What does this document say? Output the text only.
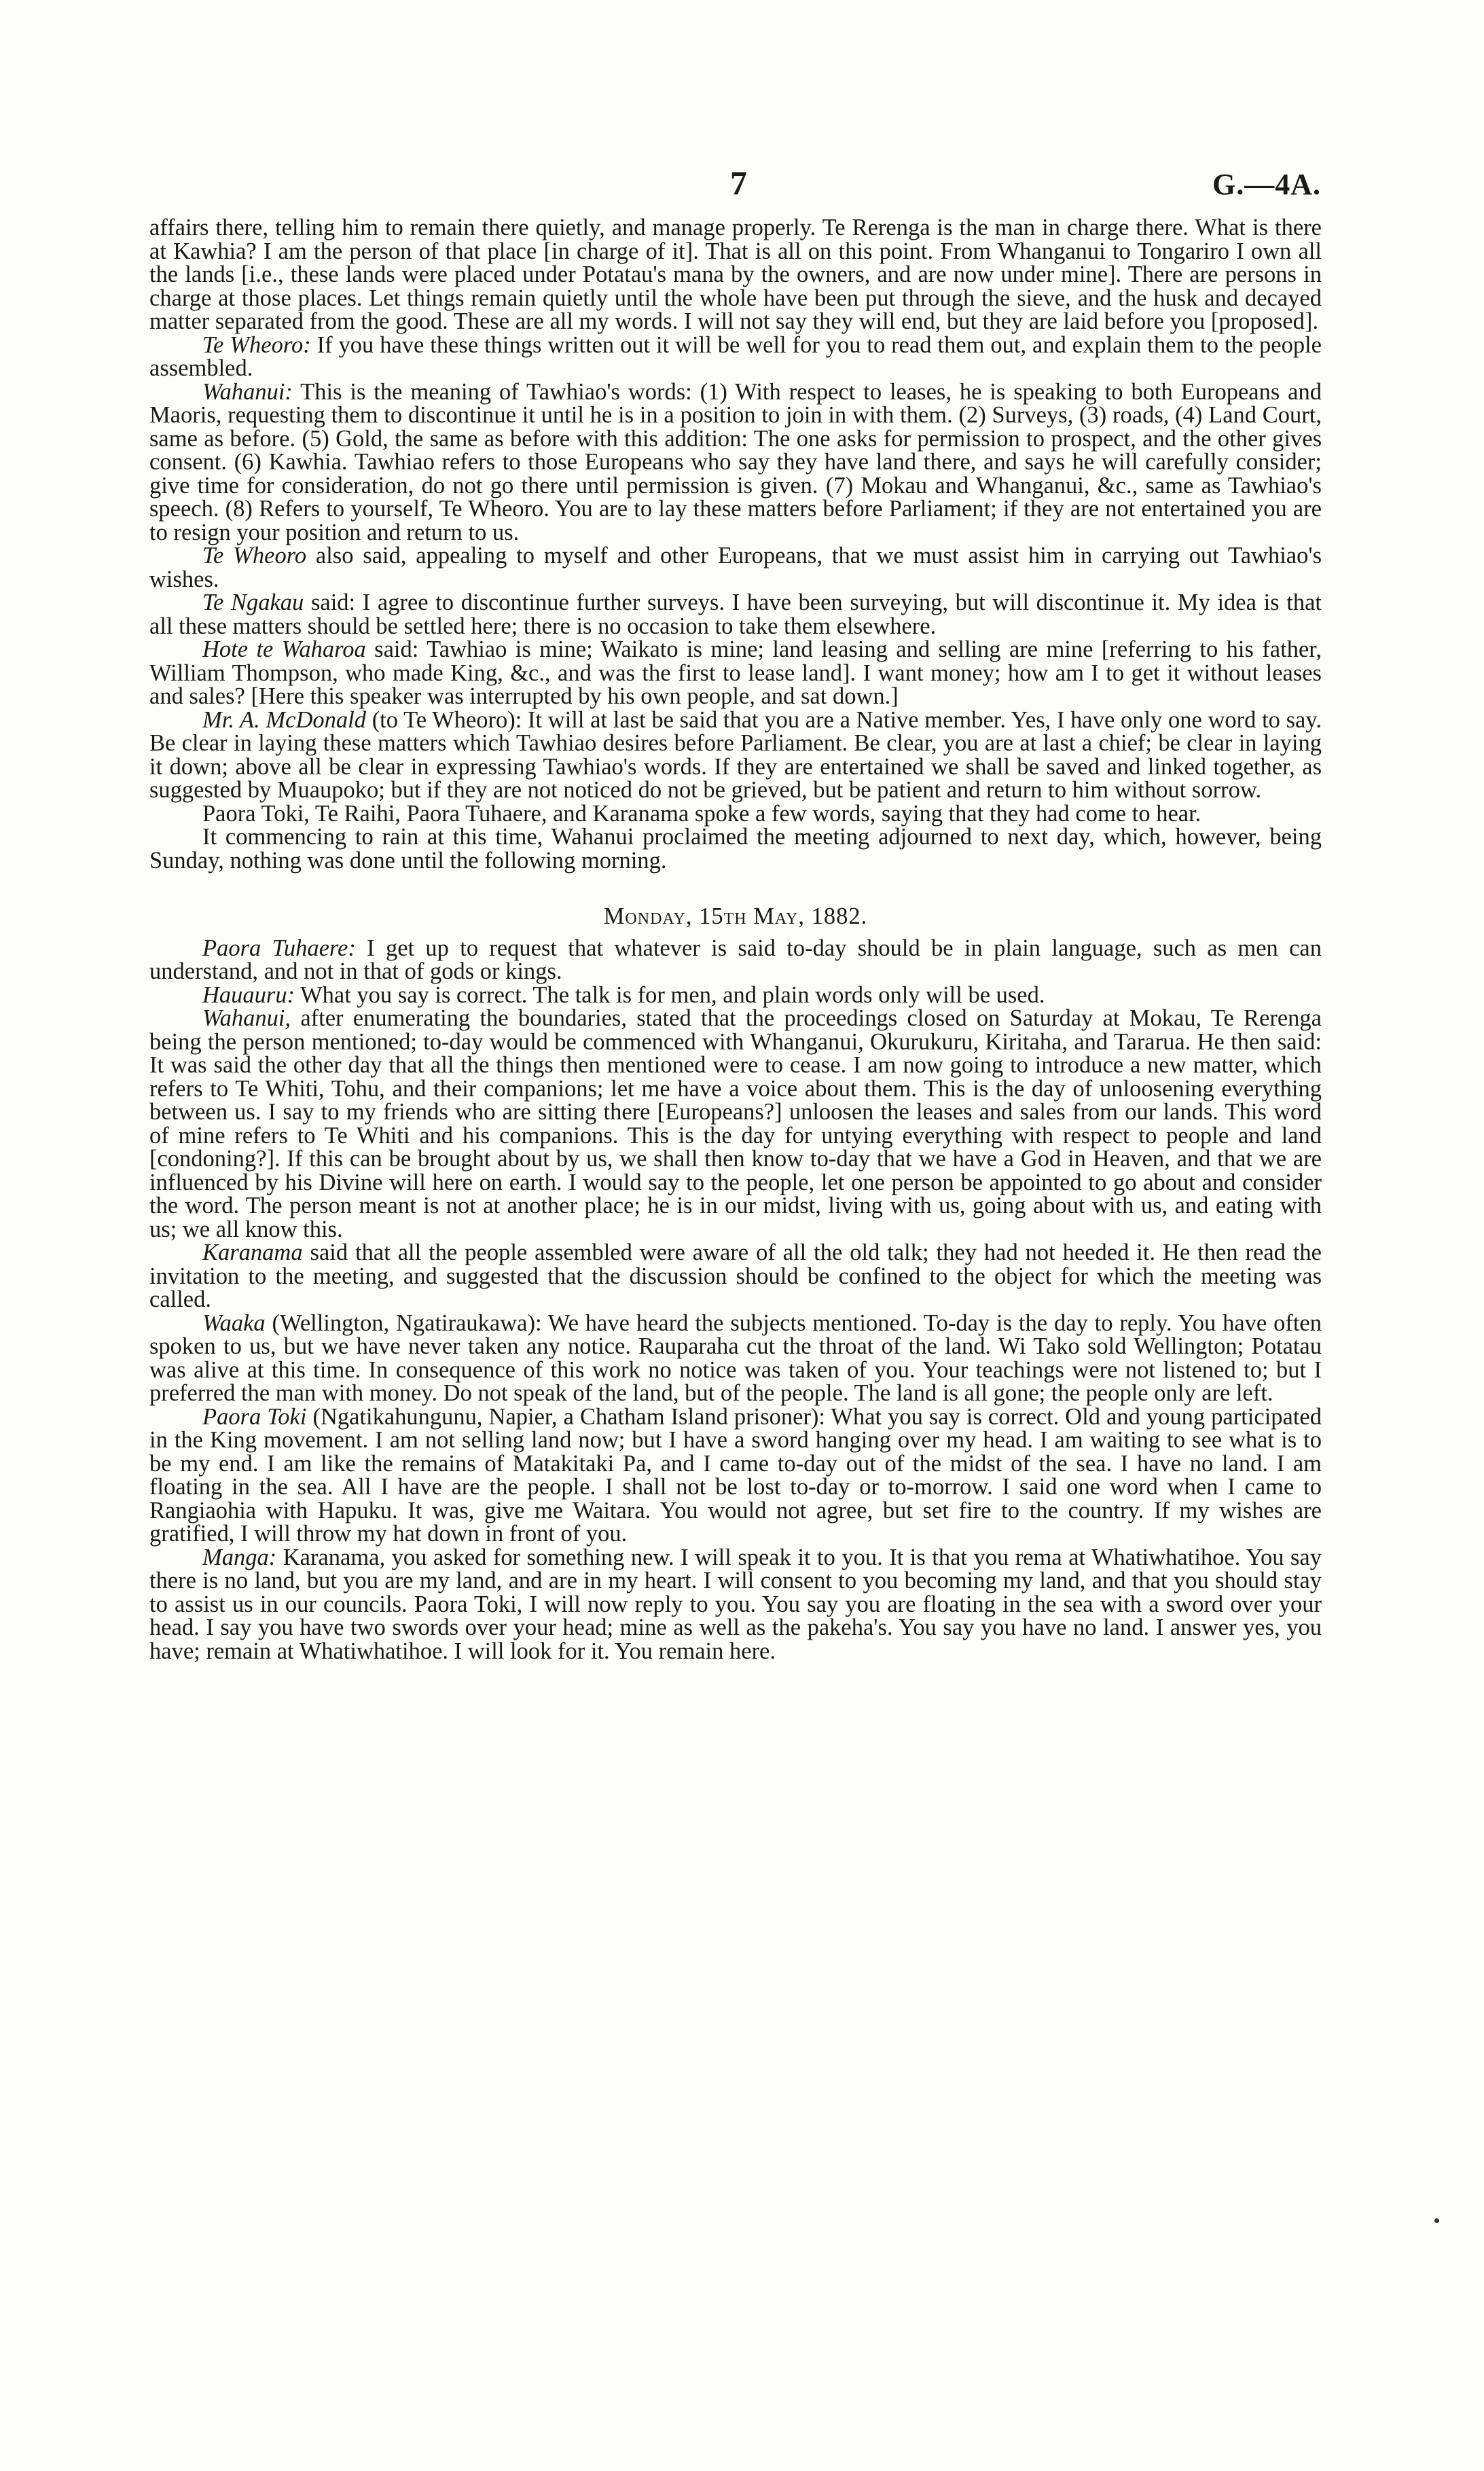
7	G.—4A.

affairs there, telling him to remain there quietly, and manage properly. Te Rerenga is the man in charge there. What is there at Kawhia? I am the person of that place [in charge of it]. That is all on this point. From Whanganui to Tongariro I own all the lands [i.e., these lands were placed under Potatau's mana by the owners, and are now under mine]. There are persons in charge at those places. Let things remain quietly until the whole have been put through the sieve, and the husk and decayed matter separated from the good. These are all my words. I will not say they will end, but they are laid before you [proposed].

Te Wheoro: If you have these things written out it will be well for you to read them out, and explain them to the people assembled.

Wahanui: This is the meaning of Tawhiao's words: (1) With respect to leases, he is speaking to both Europeans and Maoris, requesting them to discontinue it until he is in a position to join in with them. (2) Surveys, (3) roads, (4) Land Court, same as before. (5) Gold, the same as before with this addition: The one asks for permission to prospect, and the other gives consent. (6) Kawhia. Tawhiao refers to those Europeans who say they have land there, and says he will carefully consider; give time for consideration, do not go there until permission is given. (7) Mokau and Whanganui, &c., same as Tawhiao's speech. (8) Refers to yourself, Te Wheoro. You are to lay these matters before Parliament; if they are not entertained you are to resign your position and return to us.

Te Wheoro also said, appealing to myself and other Europeans, that we must assist him in carrying out Tawhiao's wishes.

Te Ngakau said: I agree to discontinue further surveys. I have been surveying, but will discontinue it. My idea is that all these matters should be settled here; there is no occasion to take them elsewhere.

Hote te Waharoa said: Tawhiao is mine; Waikato is mine; land leasing and selling are mine [referring to his father, William Thompson, who made King, &c., and was the first to lease land]. I want money; how am I to get it without leases and sales? [Here this speaker was interrupted by his own people, and sat down.]

Mr. A. McDonald (to Te Wheoro): It will at last be said that you are a Native member. Yes, I have only one word to say. Be clear in laying these matters which Tawhiao desires before Parliament. Be clear, you are at last a chief; be clear in laying it down; above all be clear in expressing Tawhiao's words. If they are entertained we shall be saved and linked together, as suggested by Muaupoko; but if they are not noticed do not be grieved, but be patient and return to him without sorrow.

Paora Toki, Te Raihi, Paora Tuhaere, and Karanama spoke a few words, saying that they had come to hear.

It commencing to rain at this time, Wahanui proclaimed the meeting adjourned to next day, which, however, being Sunday, nothing was done until the following morning.

Monday, 15th May, 1882.

Paora Tuhaere: I get up to request that whatever is said to-day should be in plain language, such as men can understand, and not in that of gods or kings.

Hauauru: What you say is correct. The talk is for men, and plain words only will be used.

Wahanui, after enumerating the boundaries, stated that the proceedings closed on Saturday at Mokau, Te Rerenga being the person mentioned; to-day would be commenced with Whanganui, Okurukuru, Kiritaha, and Tararua. He then said: It was said the other day that all the things then mentioned were to cease. I am now going to introduce a new matter, which refers to Te Whiti, Tohu, and their companions; let me have a voice about them. This is the day of unloosening everything between us. I say to my friends who are sitting there [Europeans?] unloosen the leases and sales from our lands. This word of mine refers to Te Whiti and his companions. This is the day for untying everything with respect to people and land [condoning?]. If this can be brought about by us, we shall then know to-day that we have a God in Heaven, and that we are influenced by his Divine will here on earth. I would say to the people, let one person be appointed to go about and consider the word. The person meant is not at another place; he is in our midst, living with us, going about with us, and eating with us; we all know this.

Karanama said that all the people assembled were aware of all the old talk; they had not heeded it. He then read the invitation to the meeting, and suggested that the discussion should be confined to the object for which the meeting was called.

Waaka (Wellington, Ngatiraukawa): We have heard the subjects mentioned. To-day is the day to reply. You have often spoken to us, but we have never taken any notice. Rauparaha cut the throat of the land. Wi Tako sold Wellington; Potatau was alive at this time. In consequence of this work no notice was taken of you. Your teachings were not listened to; but I preferred the man with money. Do not speak of the land, but of the people. The land is all gone; the people only are left.

Paora Toki (Ngatikahungunu, Napier, a Chatham Island prisoner): What you say is correct. Old and young participated in the King movement. I am not selling land now; but I have a sword hanging over my head. I am waiting to see what is to be my end. I am like the remains of Matakitaki Pa, and I came to-day out of the midst of the sea. I have no land. I am floating in the sea. All I have are the people. I shall not be lost to-day or to-morrow. I said one word when I came to Rangiaohia with Hapuku. It was, give me Waitara. You would not agree, but set fire to the country. If my wishes are gratified, I will throw my hat down in front of you.

Manga: Karanama, you asked for something new. I will speak it to you. It is that you rema at Whatiwhatihoe. You say there is no land, but you are my land, and are in my heart. I will consent to you becoming my land, and that you should stay to assist us in our councils. Paora Toki, I will now reply to you. You say you are floating in the sea with a sword over your head. I say you have two swords over your head; mine as well as the pakeha's. You say you have no land. I answer yes, you have; remain at Whatiwhatihoe. I will look for it. You remain here.
